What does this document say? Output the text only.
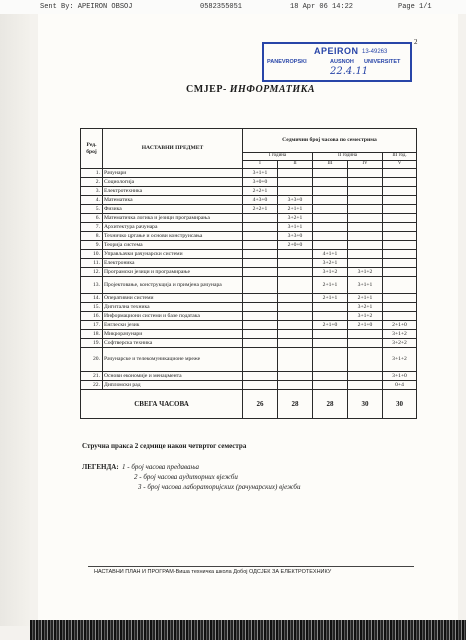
Sent By: APEIRON OBSOJ	0582355051	18 Apr 06 14:22	Page 1/1
APEIRON 13-49263
PANEVROPSKI	AUSNOH UNIVERSITET
22.4.11
2
СМЈЕР- ИНФОРМАТИКА
Ред. број	НАСТАВНИ ПРЕДМЕТ	Седмични број часова по семестрима				
		I година		II година		III год.
		I	II	III	IV	V
1.	Рачунари	3+1+1				
2.	Социологија	3+0+0				
3.	Електротехника	2+2+1				
4.	Математика	4+3+0	3+3+0			
5.	Физика	2+2+1	2+1+1			
6.	Математичка логика и језици програмирања		3+2+1			
7.	Архитектура рачунара		3+1+1			
8.	Техничко цртање и основи конструисања		3+3+0			
9.	Теорија система		2+0+0			
10.	Управљачки рачунарски системи			4+1+1		
11.	Електроника			3+2+1		
12.	Програмски језици и програмирање			3+1+2	3+1+2	
13.	Пројектовање, конструкција и примјена рачунара			2+1+1	3+1+1	
14.	Оперативни системи			2+1+1	2+1+1	
15.	Дигитална техника				3+2+1	
16.	Информациони системи и базе података				3+1+2	
17.	Енглески језик			2+1+0	2+1+0	2+1+0
18.	Микрорачунари					3+1+2
19.	Софтверска техника					3+2+2
20.	Рачунарске и телекомуникационе мреже					3+1+2
21.	Основи економије и менаџмента					3+1+0
22.	Дипломски рад					0+4
СВЕГА ЧАСОВА		26	28	28	30	30
Стручна пракса 2 седмице након четвртог семестра
ЛЕГЕНДА: 1 - број часова предавања
2 - број часова аудиторних вјежби
3 - број часова лабораторијских (рачунарских) вјежби
НАСТАВНИ ПЛАН И ПРОГРАМ-Виша техничка школа Добој ОДСЈЕК ЗА ЕЛЕКТРОТЕХНИКУ
